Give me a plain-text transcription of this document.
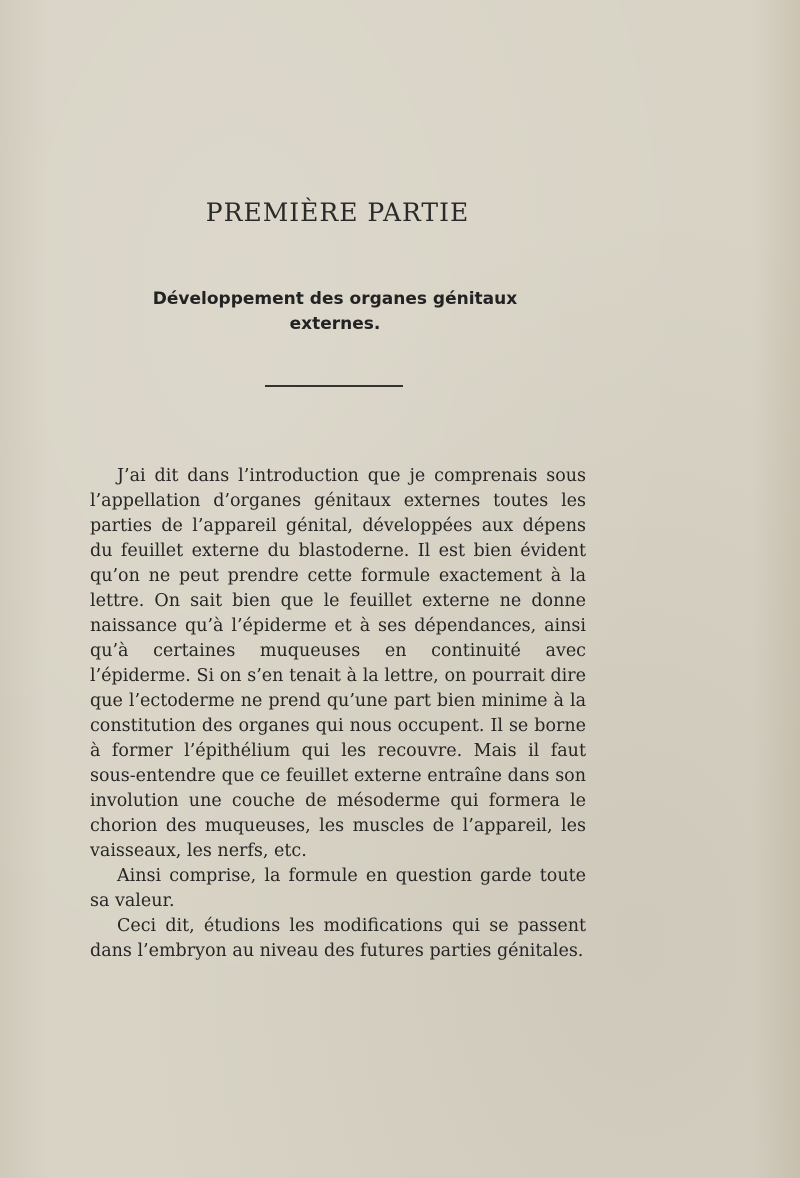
PREMIÈRE PARTIE
Développement des organes génitaux externes.

J’ai dit dans l’introduction que je comprenais sous l’appellation d’organes génitaux externes toutes les parties de l’appareil génital, développées aux dépens du feuillet externe du blastoderne. Il est bien évident qu’on ne peut prendre cette formule exactement à la lettre. On sait bien que le feuillet externe ne donne naissance qu’à l’épiderme et à ses dépendances, ainsi qu’à certaines muqueuses en continuité avec l’épiderme. Si on s’en tenait à la lettre, on pourrait dire que l’ectoderme ne prend qu’une part bien minime à la constitution des organes qui nous occupent. Il se borne à former l’épithélium qui les recouvre. Mais il faut sous-entendre que ce feuillet externe entraîne dans son involution une couche de mésoderme qui formera le chorion des muqueuses, les muscles de l’appareil, les vaisseaux, les nerfs, etc.

Ainsi comprise, la formule en question garde toute sa valeur.

Ceci dit, étudions les modifications qui se passent dans l’embryon au niveau des futures parties génitales.
